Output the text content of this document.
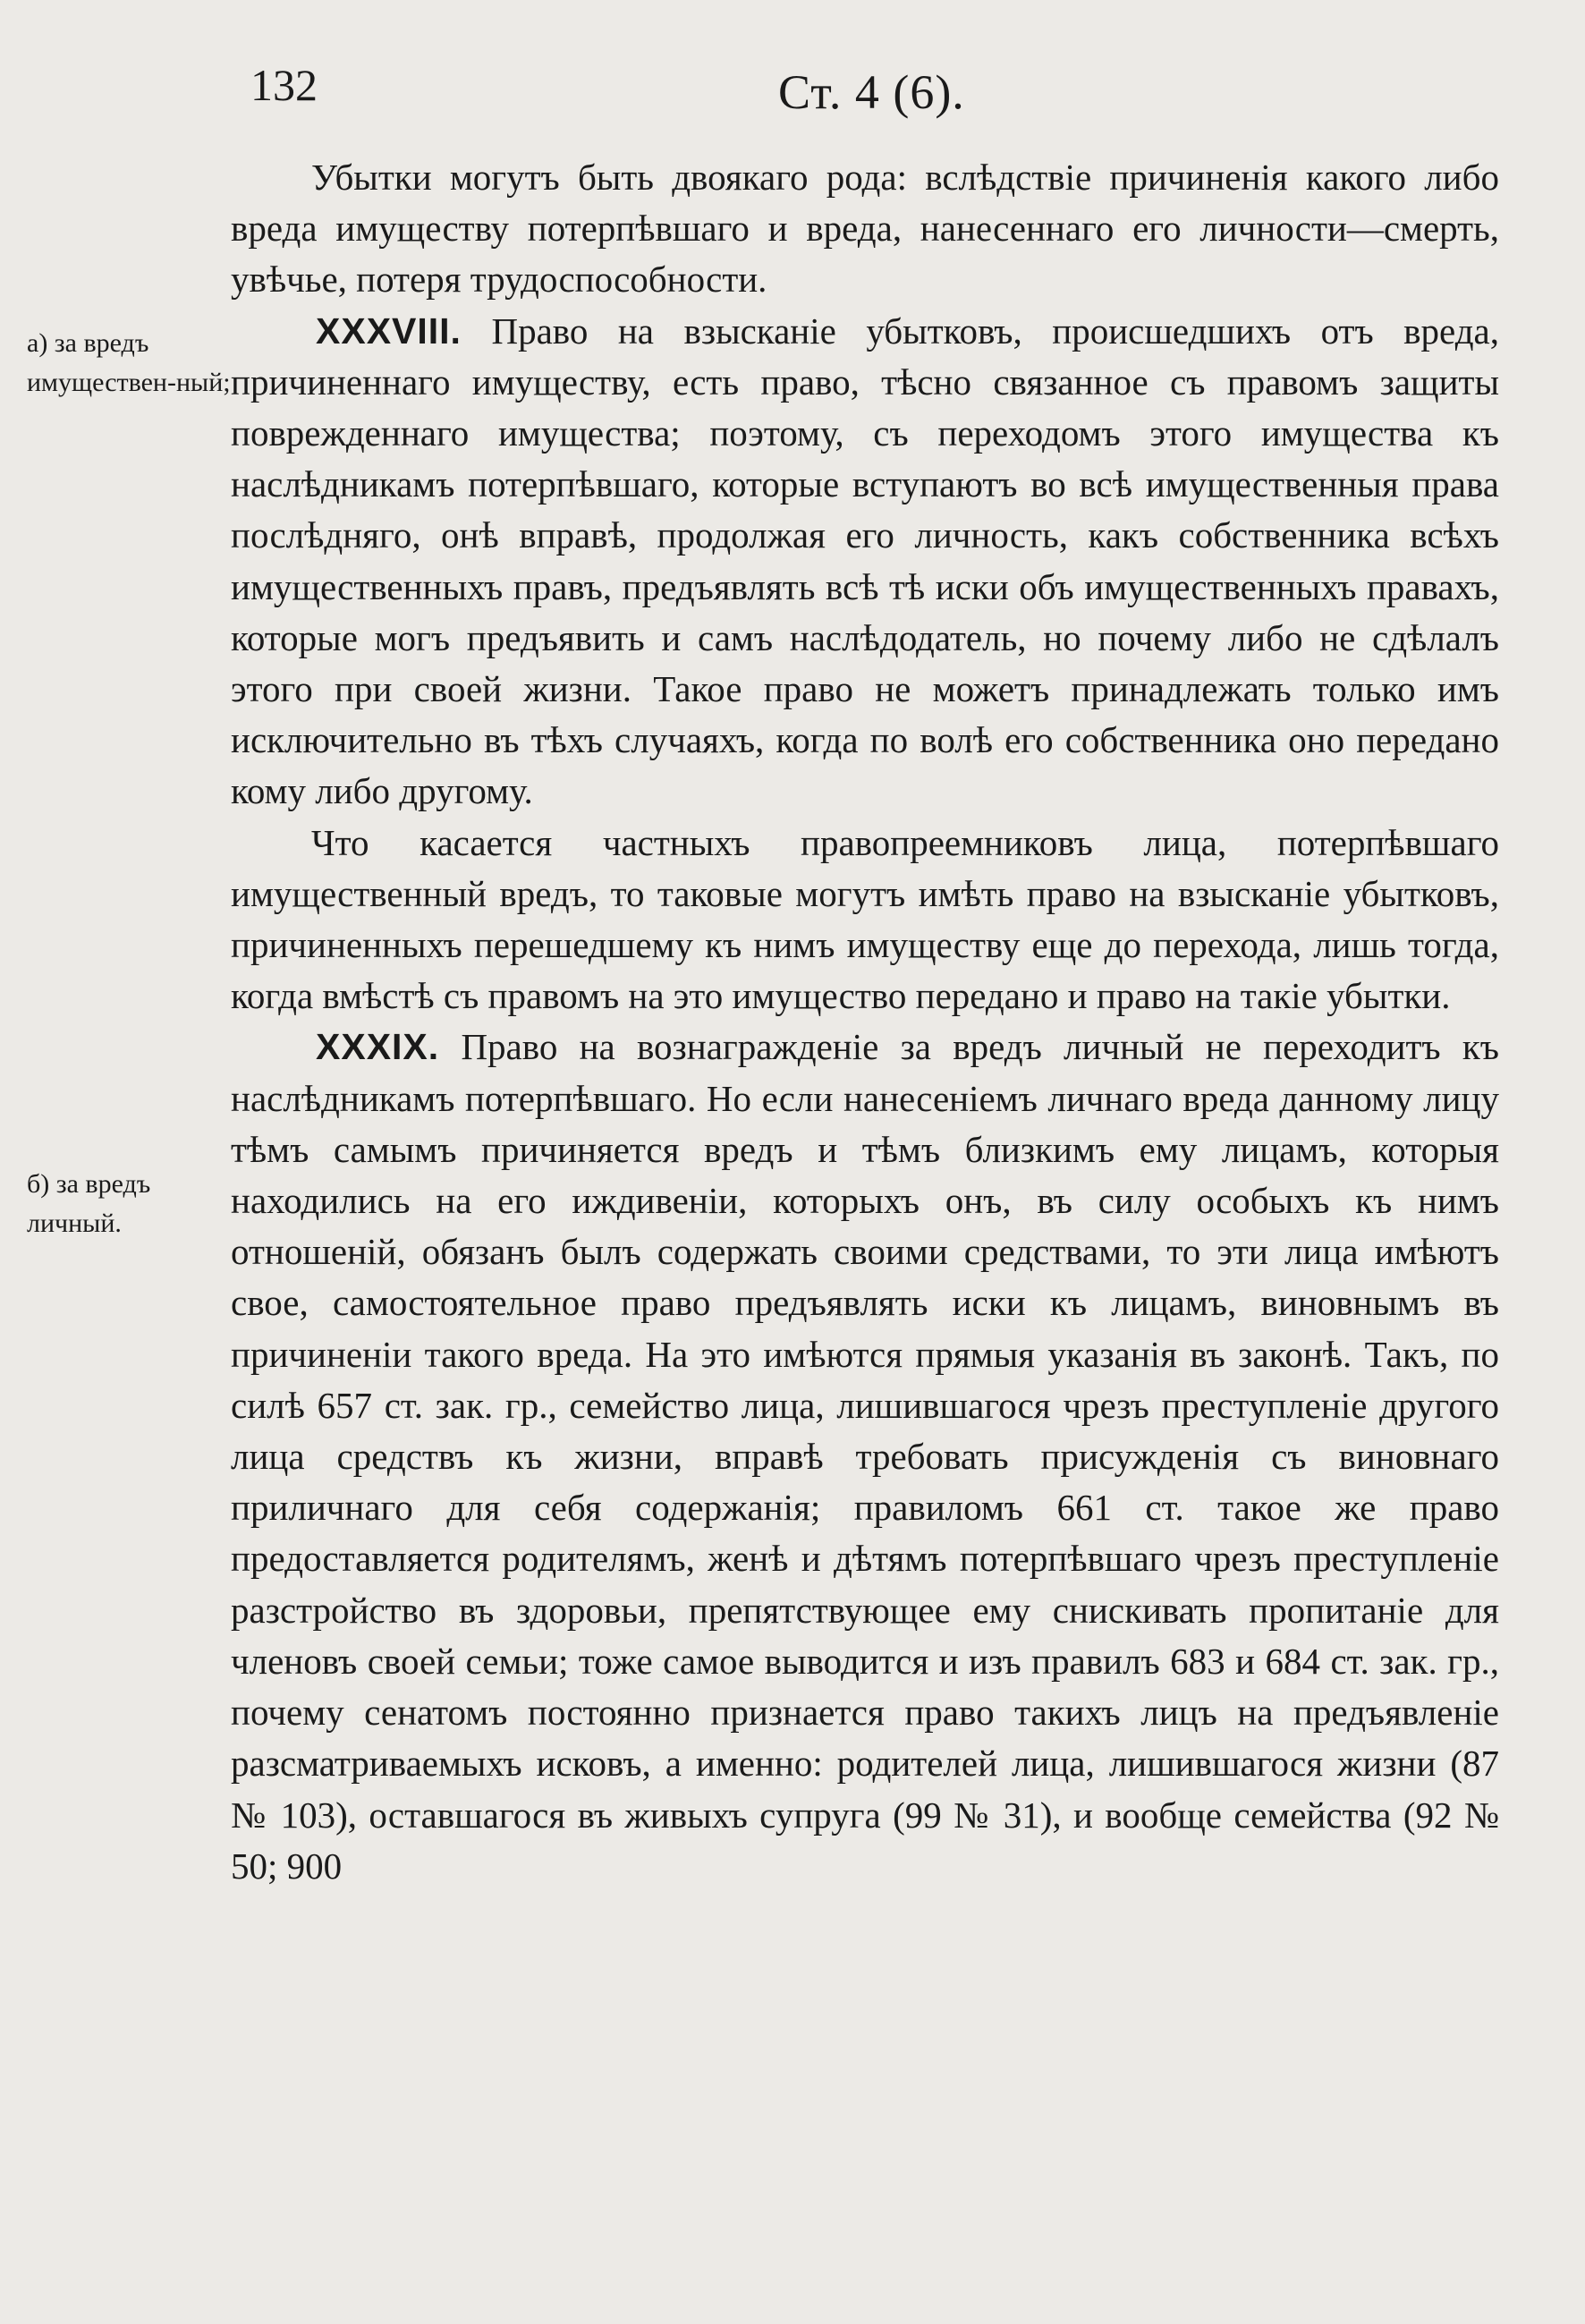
132	Ст. 4 (6).
а) за вредъ имуществен-ный;
б) за вредъ личный.

Убытки могутъ быть двоякаго рода: вслѣдствіе причиненія какого либо вреда имуществу потерпѣвшаго и вреда, нанесеннаго его личности—смерть, увѣчье, потеря трудоспособности.

XXXVIII. Право на взысканіе убытковъ, происшедшихъ отъ вреда, причиненнаго имуществу, есть право, тѣсно связанное съ правомъ защиты поврежденнаго имущества; поэтому, съ переходомъ этого имущества къ наслѣдникамъ потерпѣвшаго, которые вступаютъ во всѣ имущественныя права послѣдняго, онѣ вправѣ, продолжая его личность, какъ собственника всѣхъ имущественныхъ правъ, предъявлять всѣ тѣ иски объ имущественныхъ правахъ, которые могъ предъявить и самъ наслѣдодатель, но почему либо не сдѣлалъ этого при своей жизни. Такое право не можетъ принадлежать только имъ исключительно въ тѣхъ случаяхъ, когда по волѣ его собственника оно передано кому либо другому.

Что касается частныхъ правопреемниковъ лица, потерпѣвшаго имущественный вредъ, то таковые могутъ имѣть право на взысканіе убытковъ, причиненныхъ перешедшему къ нимъ имуществу еще до перехода, лишь тогда, когда вмѣстѣ съ правомъ на это имущество передано и право на такіе убытки.

XXXIX. Право на вознагражденіе за вредъ личный не переходитъ къ наслѣдникамъ потерпѣвшаго. Но если нанесеніемъ личнаго вреда данному лицу тѣмъ самымъ причиняется вредъ и тѣмъ близкимъ ему лицамъ, которыя находились на его иждивеніи, которыхъ онъ, въ силу особыхъ къ нимъ отношеній, обязанъ былъ содержать своими средствами, то эти лица имѣютъ свое, самостоятельное право предъявлять иски къ лицамъ, виновнымъ въ причиненіи такого вреда. На это имѣются прямыя указанія въ законѣ. Такъ, по силѣ 657 ст. зак. гр., семейство лица, лишившагося чрезъ преступленіе другого лица средствъ къ жизни, вправѣ требовать присужденія съ виновнаго приличнаго для себя содержанія; правиломъ 661 ст. такое же право предоставляется родителямъ, женѣ и дѣтямъ потерпѣвшаго чрезъ преступленіе разстройство въ здоровьи, препятствующее ему снискивать пропитаніе для членовъ своей семьи; тоже самое выводится и изъ правилъ 683 и 684 ст. зак. гр., почему сенатомъ постоянно признается право такихъ лицъ на предъявленіе разсматриваемыхъ исковъ, а именно: родителей лица, лишившагося жизни (87 № 103), оставшагося въ живыхъ супруга (99 № 31), и вообще семейства (92 № 50; 900
